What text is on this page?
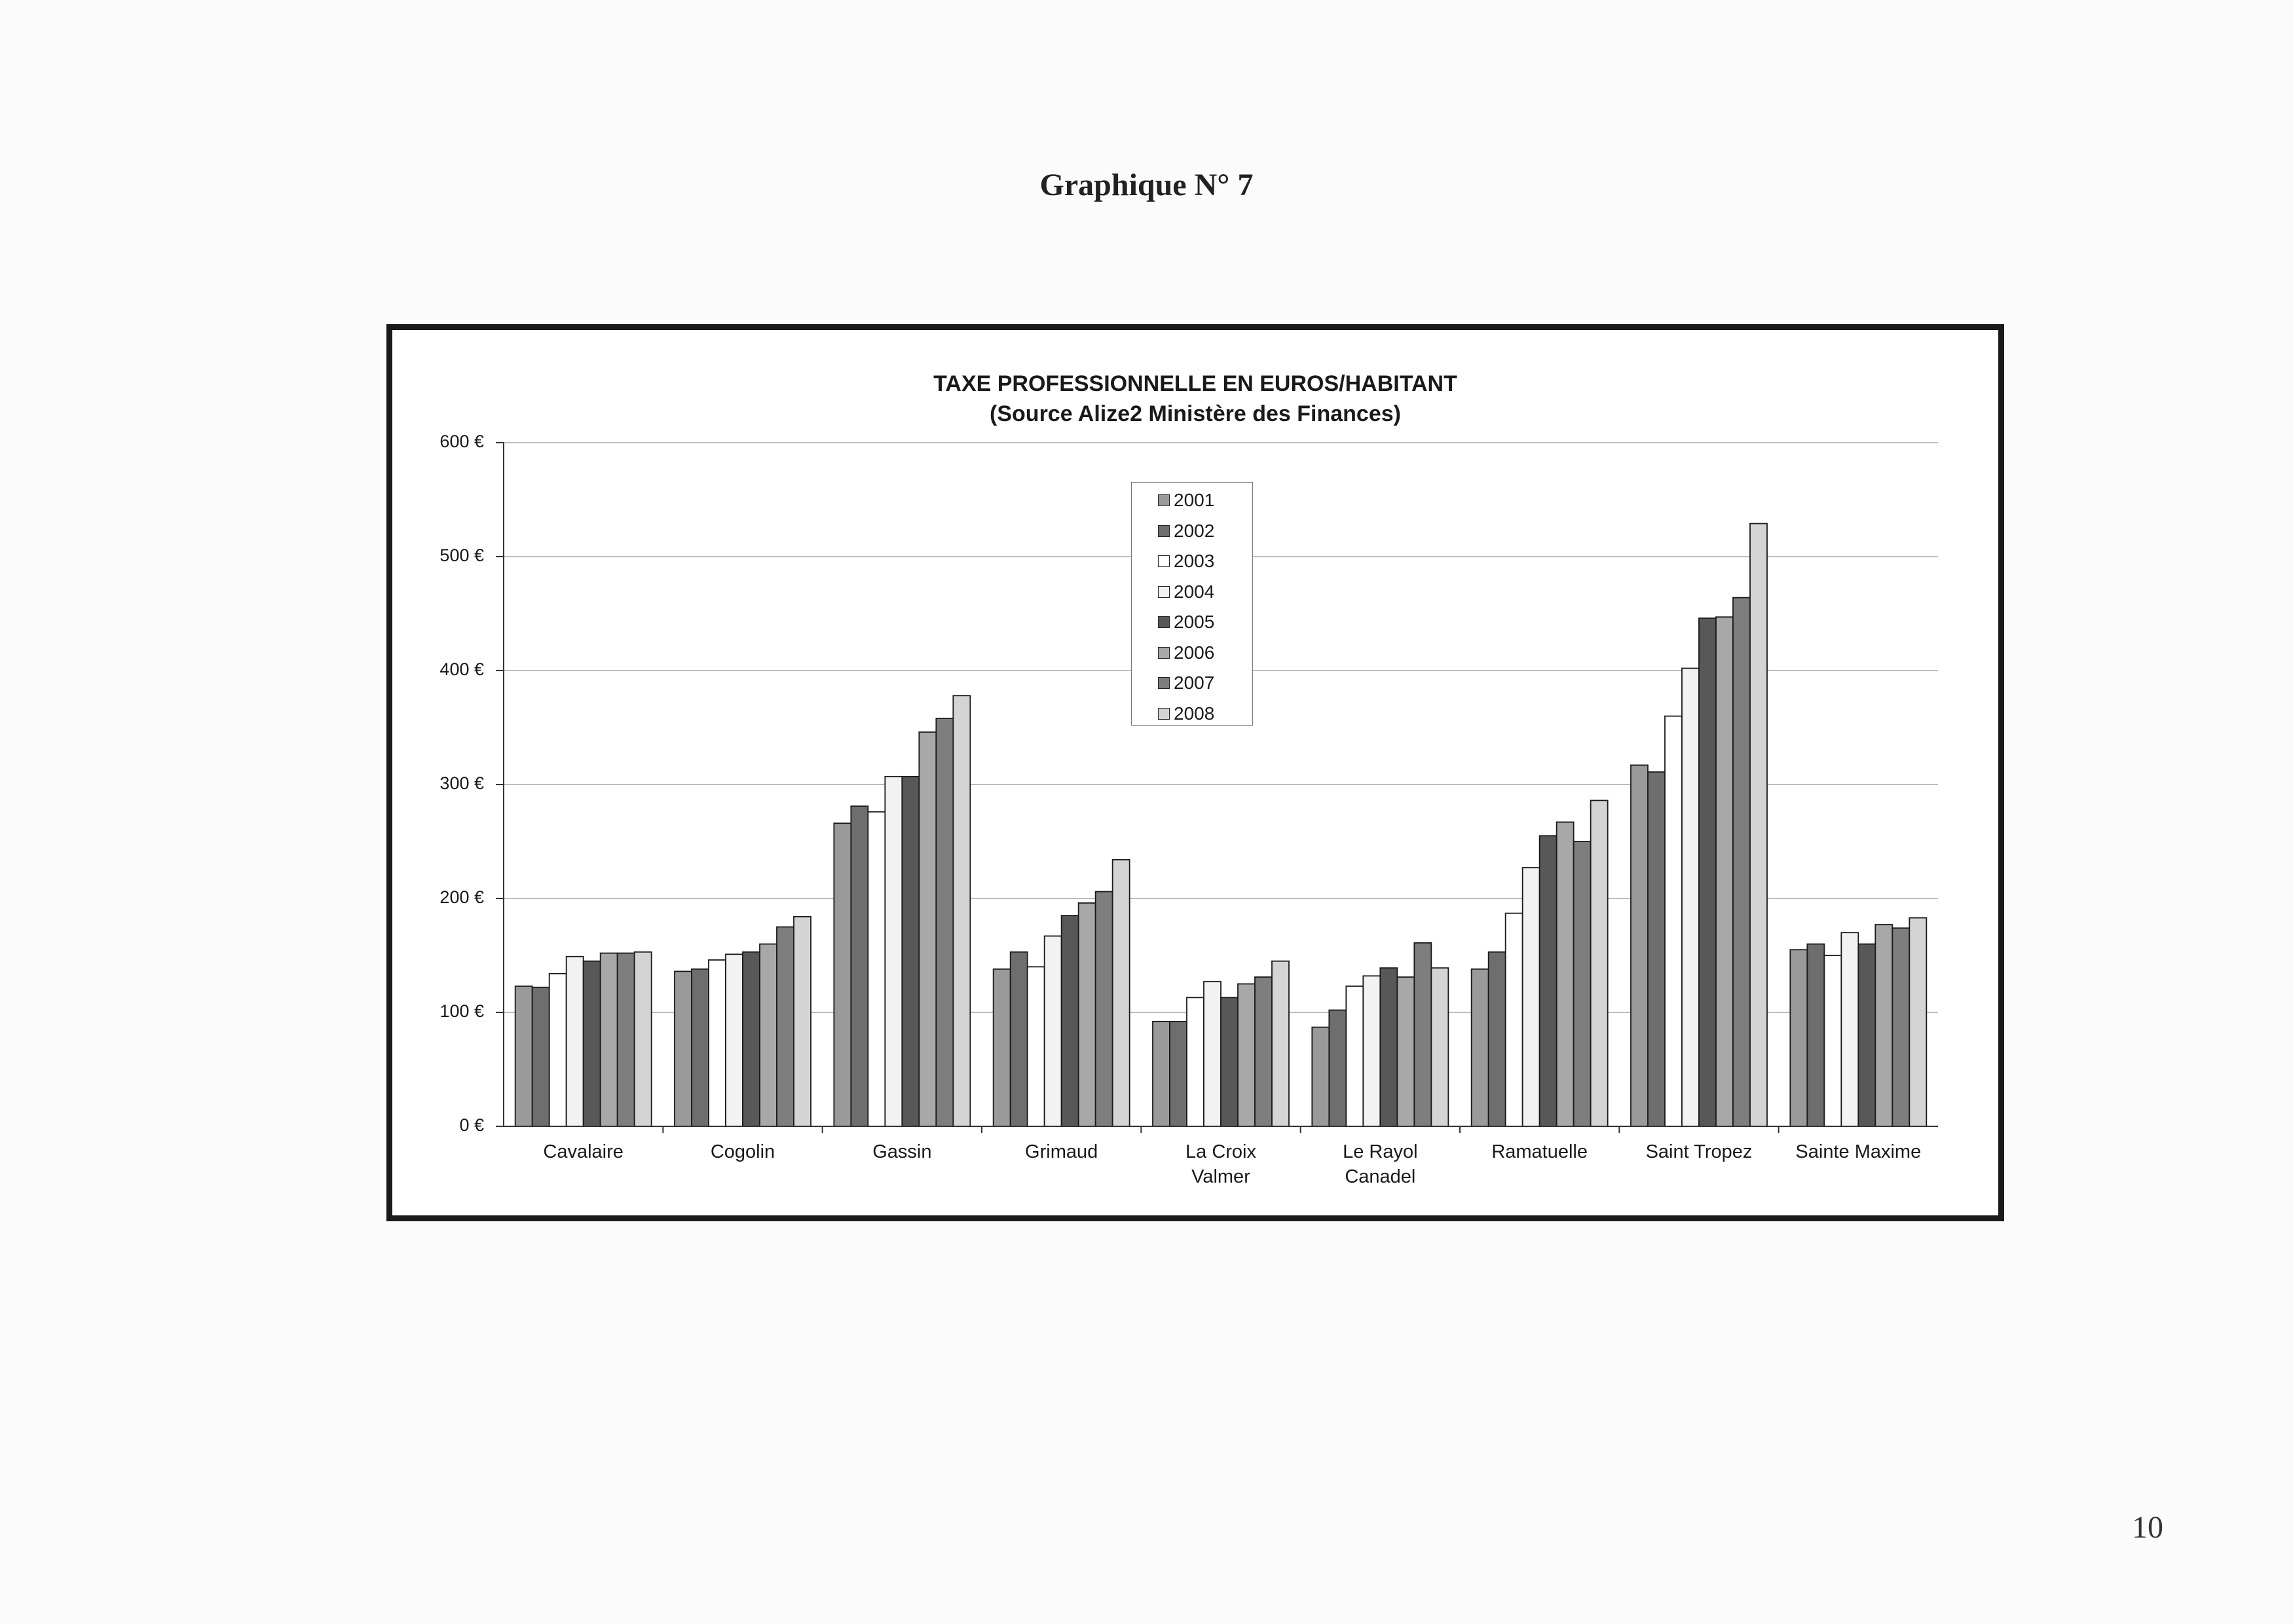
Graphique N° 7
TAXE PROFESSIONNELLE EN EUROS/HABITANT
(Source Alize2 Ministère des Finances)
0 €
100 €
200 €
300 €
400 €
500 €
600 €
Cavalaire	Cogolin	Gassin	Grimaud	La Croix
Valmer
Le Rayol
Canadel
Ramatuelle	Saint Tropez	Sainte Maxime
2001
2002
2003
2004
2005
2006
2007
2008
10
